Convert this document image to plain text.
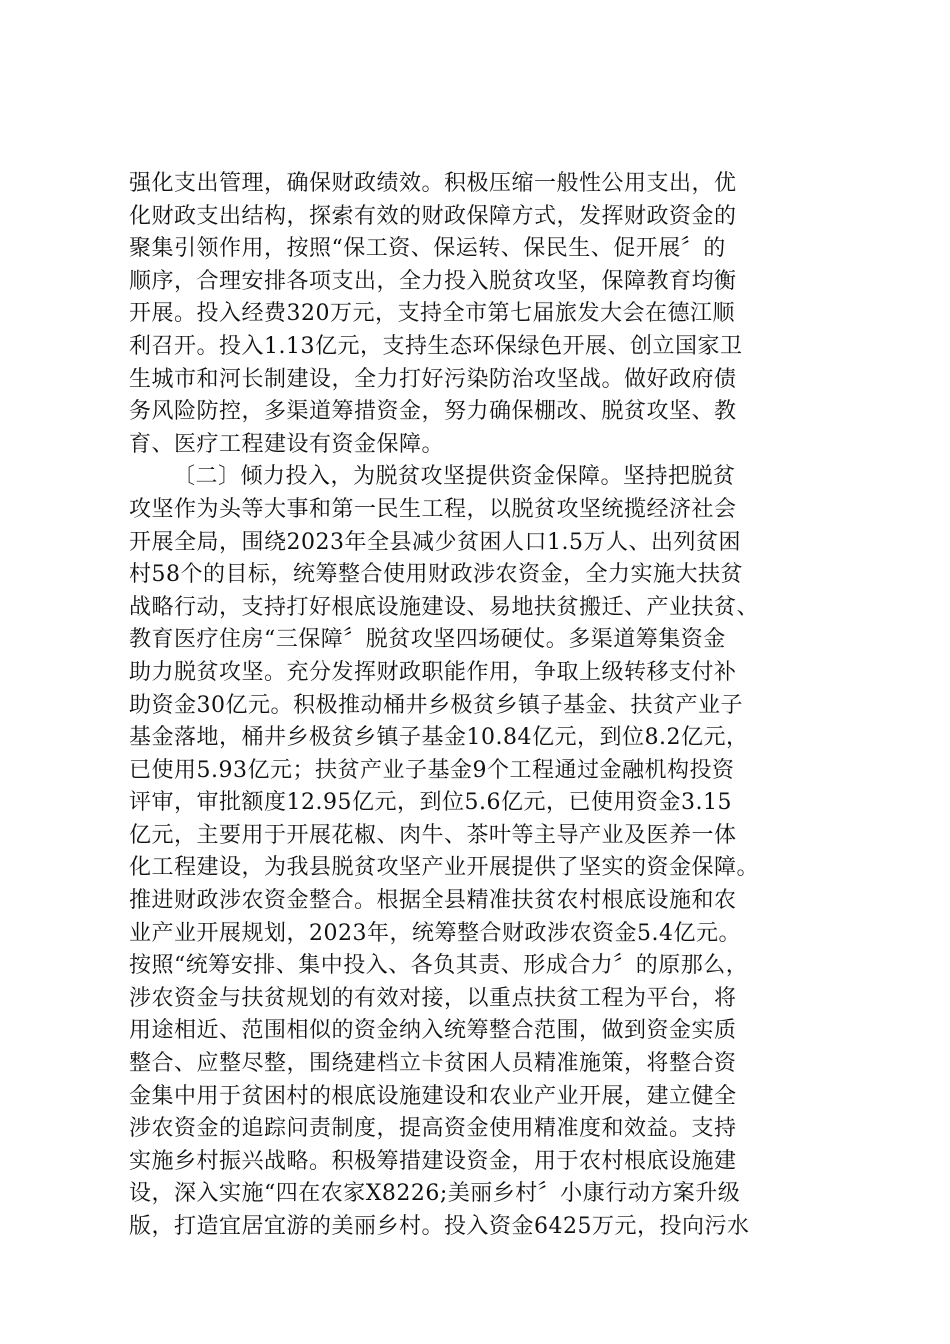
强化支出管理，确保财政绩效。积极压缩一般性公用支出，优
化财政支出结构，探索有效的财政保障方式，发挥财政资金的
聚集引领作用，按照“保工资、保运转、保民生、促开展〞的
顺序，合理安排各项支出，全力投入脱贫攻坚，保障教育均衡
开展。投入经费320万元，支持全市第七届旅发大会在德江顺
利召开。投入1.13亿元，支持生态环保绿色开展、创立国家卫
生城市和河长制建设，全力打好污染防治攻坚战。做好政府债
务风险防控，多渠道筹措资金，努力确保棚改、脱贫攻坚、教
育、医疗工程建设有资金保障。
〔二〕倾力投入，为脱贫攻坚提供资金保障。坚持把脱贫
攻坚作为头等大事和第一民生工程，以脱贫攻坚统揽经济社会
开展全局，围绕2023年全县减少贫困人口1.5万人、出列贫困
村58个的目标，统筹整合使用财政涉农资金，全力实施大扶贫
战略行动，支持打好根底设施建设、易地扶贫搬迁、产业扶贫、
教育医疗住房“三保障〞脱贫攻坚四场硬仗。多渠道筹集资金
助力脱贫攻坚。充分发挥财政职能作用，争取上级转移支付补
助资金30亿元。积极推动桶井乡极贫乡镇子基金、扶贫产业子
基金落地，桶井乡极贫乡镇子基金10.84亿元，到位8.2亿元，
已使用5.93亿元；扶贫产业子基金9个工程通过金融机构投资
评审，审批额度12.95亿元，到位5.6亿元，已使用资金3.15
亿元，主要用于开展花椒、肉牛、茶叶等主导产业及医养一体
化工程建设，为我县脱贫攻坚产业开展提供了坚实的资金保障。
推进财政涉农资金整合。根据全县精准扶贫农村根底设施和农
业产业开展规划，2023年，统筹整合财政涉农资金5.4亿元。
按照“统筹安排、集中投入、各负其责、形成合力〞的原那么，
涉农资金与扶贫规划的有效对接，以重点扶贫工程为平台，将
用途相近、范围相似的资金纳入统筹整合范围，做到资金实质
整合、应整尽整，围绕建档立卡贫困人员精准施策，将整合资
金集中用于贫困村的根底设施建设和农业产业开展，建立健全
涉农资金的追踪问责制度，提高资金使用精准度和效益。支持
实施乡村振兴战略。积极筹措建设资金，用于农村根底设施建
设，深入实施“四在农家X8226;美丽乡村〞小康行动方案升级
版，打造宜居宜游的美丽乡村。投入资金6425万元，投向污水
